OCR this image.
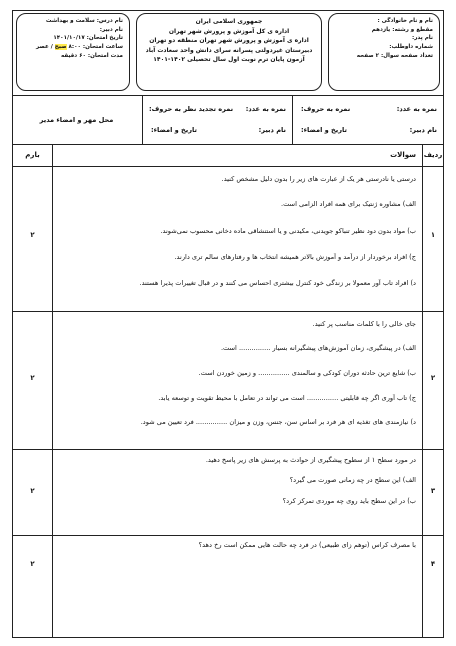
نام و نام خانوادگی :
مقطع و رشته: یازدهم
نام پدر:
شماره داوطلب:
تعداد صفحه سوال: ۲ صفحه
جمهوری اسلامی ایران
اداره ی کل آموزش و پرورش شهر تهران
اداره ی آموزش و پرورش شهر تهران منطقه دو تهران
دبیرستان غیردولتی پسرانه سرای دانش واحد سعادت آباد
آزمون پایان ترم نوبت اول سال تحصیلی ۱۴۰۲-۱۴۰۱
نام درس: سلامت و بهداشت
نام دبیر:
تاریخ امتحان: ۱۴۰۱/۱۰/۱۷
ساعت امتحان: ۸:۰۰ صبح / عصر
مدت امتحان: ۶۰ دقیقه
نمره به عدد:
نام دبیر:
نمره به حروف:
تاریخ و امضاء:
نمره به عدد:
نام دبیر:
نمره تجدید نظر به حروف:
تاریخ و امضاء:
محل مهر و امضاء مدیر
ردیف
سوالات
بارم
۱
درستی یا نادرستی هر یک از عبارت های زیر را بدون دلیل مشخص کنید.
الف) مشاوره ژنتیک برای همه افراد الزامی است.
ب) مواد بدون دود نظیر تنباکو جویدنی، مکیدنی و یا استنشاقی ماده دخانی محسوب نمی‌شوند.
ج) افراد برخوردار از درآمد و آموزش بالاتر همیشه انتخاب ها و رفتارهای سالم تری دارند.
د) افراد تاب آور معمولا بر زندگی خود کنترل بیشتری احساس می کنند و در قبال تغییرات پذیرا هستند.
۲
۲
جای خالی را با کلمات مناسب پر کنید.
الف) در پیشگیری، زمان آموزش‌های پیشگیرانه بسیار ............... است.
ب) شایع ترین حادثه دوران کودکی و سالمندی ............... و زمین خوردن است.
ج) تاب آوری اگر چه قابلیتی ............... است می تواند در تعامل با محیط تقویت و توسعه یابد.
د) نیازمندی های تغذیه ای هر فرد بر اساس سن، جنس، وزن و میزان ............... فرد تعیین می شود.
۲
۳
در مورد سطح ۱ از سطوح پیشگیری از حوادث به پرسش های زیر پاسخ دهید.
الف) این سطح در چه زمانی صورت می گیرد؟
ب) در این سطح باید روی چه موردی تمرکز کرد؟
۲
۴
با مصرف کراس (توهم زای طبیعی) در فرد چه حالت هایی ممکن است رخ دهد؟
۲
